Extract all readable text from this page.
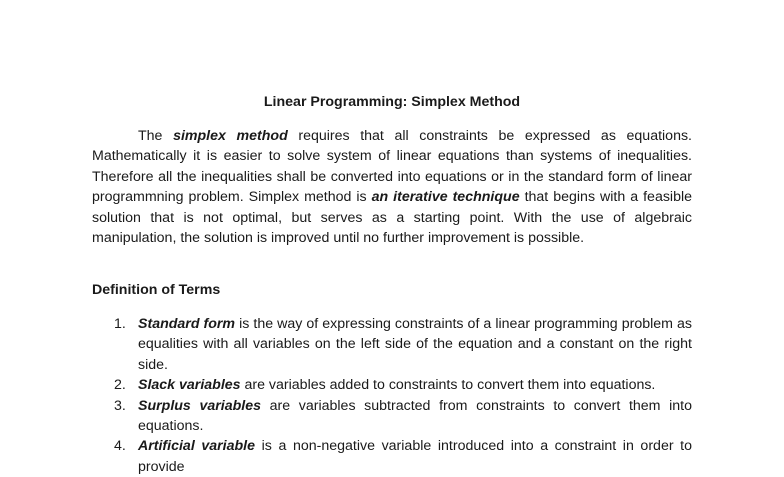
Linear Programming: Simplex Method

The simplex method requires that all constraints be expressed as equations. Mathematically it is easier to solve system of linear equations than systems of inequalities. Therefore all the inequalities shall be converted into equations or in the standard form of linear programmning problem. Simplex method is an iterative technique that begins with a feasible solution that is not optimal, but serves as a starting point. With the use of algebraic manipulation, the solution is improved until no further improvement is possible.

Definition of Terms
1. Standard form is the way of expressing constraints of a linear programming problem as equalities with all variables on the left side of the equation and a constant on the right side.
2. Slack variables are variables added to constraints to convert them into equations.
3. Surplus variables are variables subtracted from constraints to convert them into equations.
4. Artificial variable is a non-negative variable introduced into a constraint in order to provide
